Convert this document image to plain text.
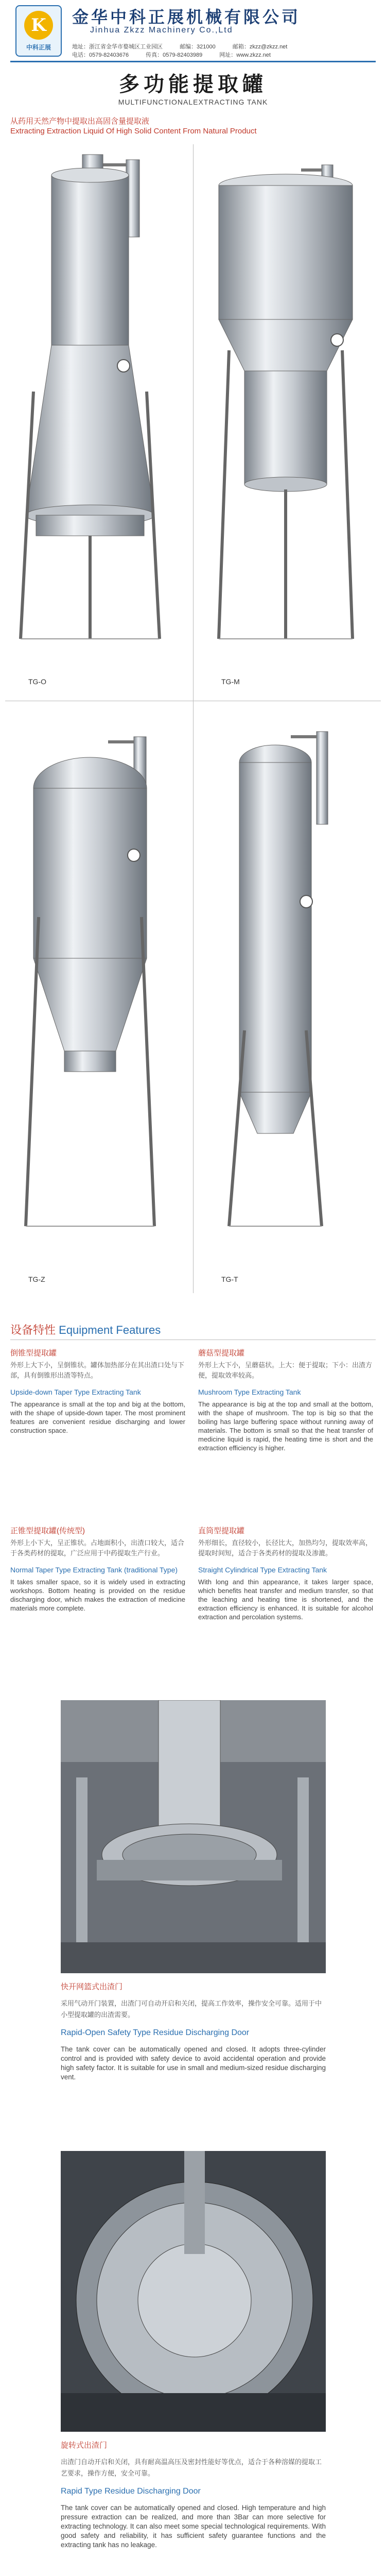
K
中科正展
金华中科正展机械有限公司
Jinhua Zkzz Machinery Co.,Ltd
地址：浙江省金华市婺城区工业园区	邮编：321000	邮箱：zkzz@zkzz.net
电话：0579-82403676	传真：0579-82403989	网址：www.zkzz.net
多功能提取罐
MULTIFUNCTIONALEXTRACTING TANK
从药用天然产物中提取出高固含量提取液
Extracting Extraction Liquid Of High Solid Content From Natural Product
TG-O	TG-M
TG-Z	TG-T
设备特性 Equipment Features
倒锥型提取罐
外形上大下小，呈倒锥状。罐体加热部分在其出渣口处与下部，具有倒锥形出渣等特点。
Upside-down Taper Type Extracting Tank
The appearance is small at the top and big at the bottom, with the shape of upside-down taper. The most prominent features are convenient residue discharging and lower construction space.
蘑菇型提取罐
外形上大下小，呈蘑菇状。上大：便于提取；下小：出渣方便，提取效率较高。
Mushroom Type Extracting Tank
The appearance is big at the top and small at the bottom, with the shape of mushroom. The top is big so that the boiling has large buffering space without running away of materials. The bottom is small so that the heat transfer of medicine liquid is rapid, the heating time is short and the extraction efficiency is higher.
正锥型提取罐(传统型)
外形上小下大，呈正锥状。占地面积小，出渣口较大，适合于各类药材的提取，广泛应用于中药提取生产行业。
Normal Taper Type Extracting Tank (traditional Type)
It takes smaller space, so it is widely used in extracting workshops. Bottom heating is provided on the residue discharging door, which makes the extraction of medicine materials more complete.
直筒型提取罐
外形细长，直径较小，长径比大，加热均匀，提取效率高，提取时间短，适合于各类药材的提取及渗漉。
Straight Cylindrical Type Extracting Tank
With long and thin appearance, it takes larger space, which benefits heat transfer and medium transfer, so that the leaching and heating time is shortened, and the extraction efficiency is enhanced. It is suitable for alcohol extraction and percolation systems.
快开网篮式出渣门
采用气动开门装置，出渣门可自动开启和关闭，提高工作效率，操作安全可靠。适用于中小型提取罐的出渣需要。
Rapid-Open Safety Type Residue Discharging Door
The tank cover can be automatically opened and closed. It adopts three-cylinder control and is provided with safety device to avoid accidental operation and provide high safety factor. It is suitable for use in small and medium-sized residue discharging vent.
旋转式出渣门
出渣门自动开启和关闭，具有耐高温高压及密封性能好等优点，适合于各种溶媒的提取工艺要求，操作方便，安全可靠。
Rapid Type Residue Discharging Door
The tank cover can be automatically opened and closed. High temperature and high pressure extraction can be realized, and more than 3Bar can more selective for extracting technology. It can also meet some special technological requirements. With good safety and reliability, it has sufficient safety guarantee functions and the extracting tank has no leakage.
